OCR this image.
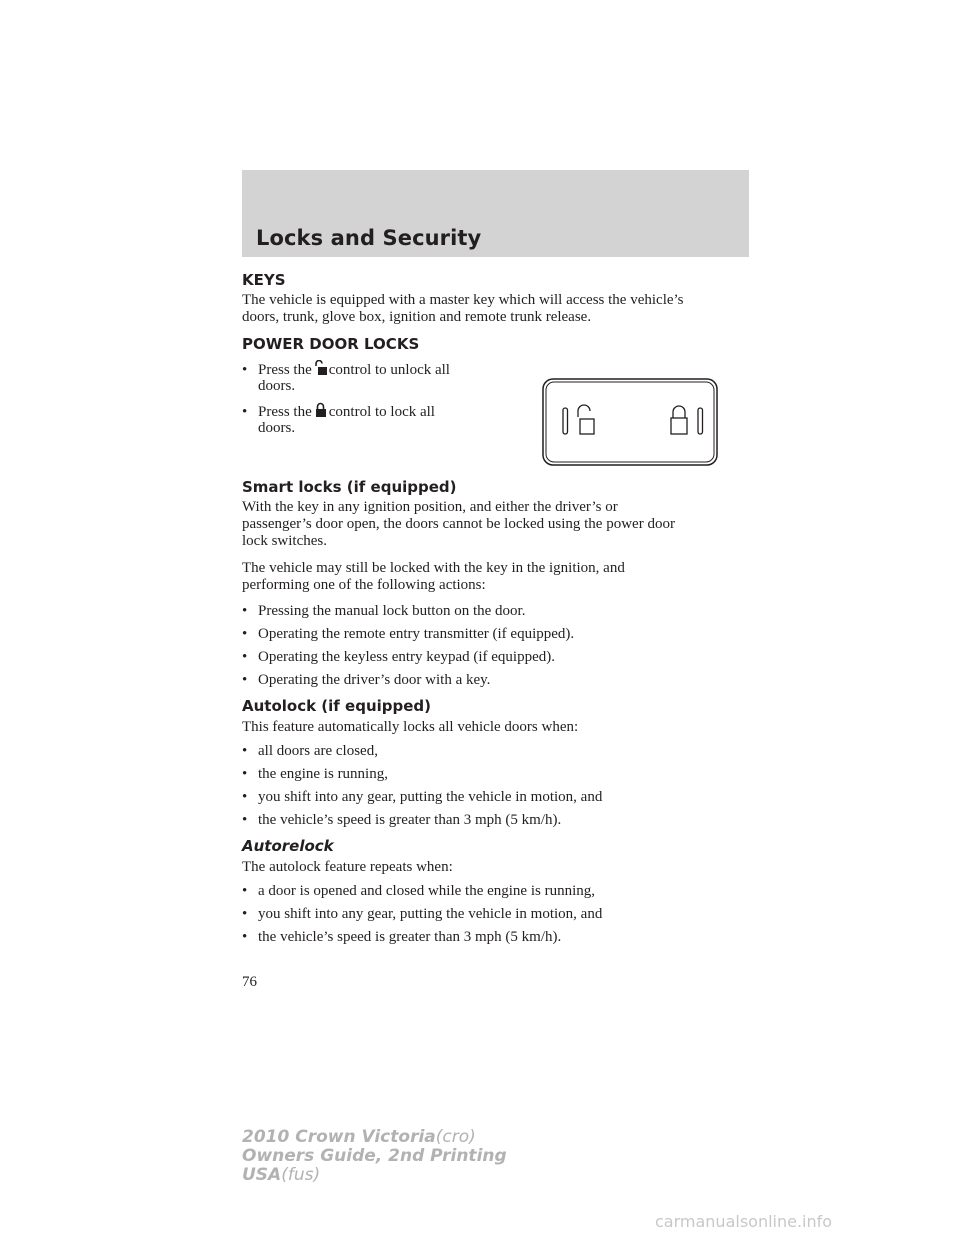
Locks and Security
KEYS
The vehicle is equipped with a master key which will access the vehicle’s
doors, trunk, glove box, ignition and remote trunk release.
POWER DOOR LOCKS
• Press the control to unlock all
doors.
• Press the control to lock all
doors.
Smart locks (if equipped)
With the key in any ignition position, and either the driver’s or
passenger’s door open, the doors cannot be locked using the power door
lock switches.
The vehicle may still be locked with the key in the ignition, and
performing one of the following actions:
• Pressing the manual lock button on the door.
• Operating the remote entry transmitter (if equipped).
• Operating the keyless entry keypad (if equipped).
• Operating the driver’s door with a key.
Autolock (if equipped)
This feature automatically locks all vehicle doors when:
• all doors are closed,
• the engine is running,
• you shift into any gear, putting the vehicle in motion, and
• the vehicle’s speed is greater than 3 mph (5 km/h).
Autorelock
The autolock feature repeats when:
• a door is opened and closed while the engine is running,
• you shift into any gear, putting the vehicle in motion, and
• the vehicle’s speed is greater than 3 mph (5 km/h).
76
2010 Crown Victoria(cro)
Owners Guide, 2nd Printing
USA(fus)
carmanualsonline.info
